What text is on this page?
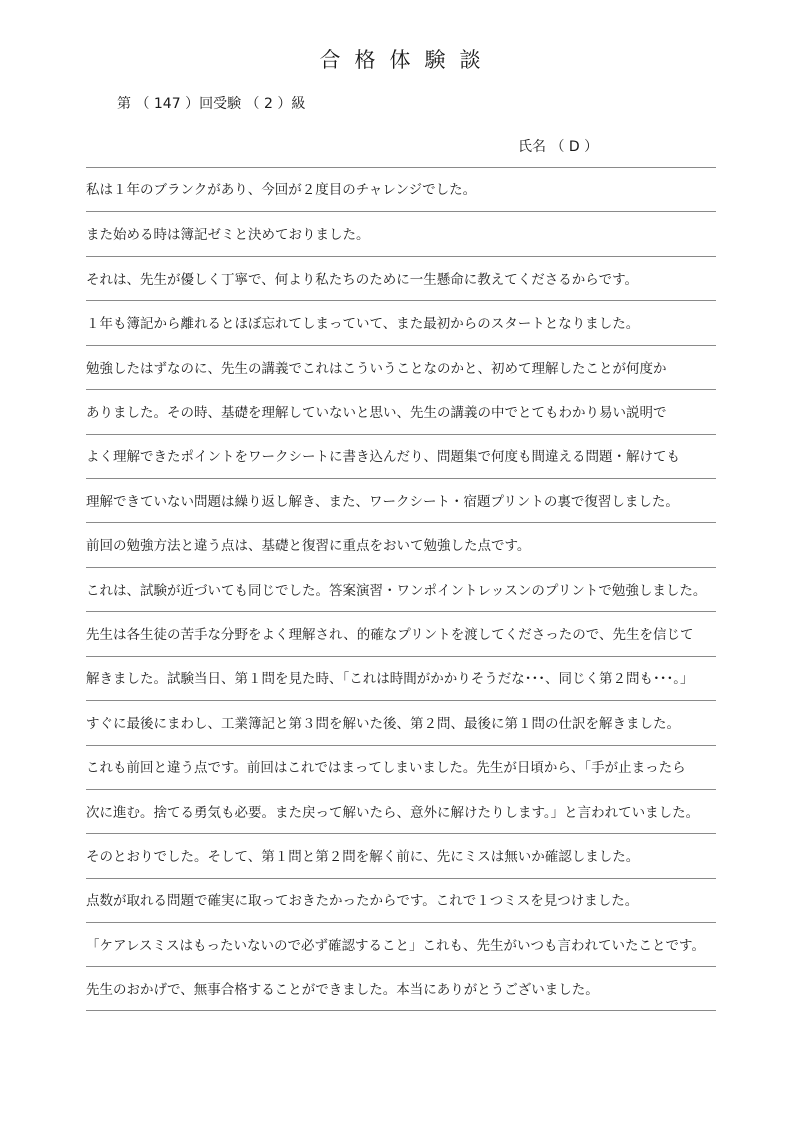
合格体験談
第 （ 147 ）回受験 （ 2 ）級
氏名 （ D ）
私は１年のブランクがあり、今回が２度目のチャレンジでした。
また始める時は簿記ゼミと決めておりました。
それは、先生が優しく丁寧で、何より私たちのために一生懸命に教えてくださるからです。
１年も簿記から離れるとほぼ忘れてしまっていて、また最初からのスタートとなりました。
勉強したはずなのに、先生の講義でこれはこういうことなのかと、初めて理解したことが何度か
ありました。その時、基礎を理解していないと思い、先生の講義の中でとてもわかり易い説明で
よく理解できたポイントをワークシートに書き込んだり、問題集で何度も間違える問題・解けても
理解できていない問題は繰り返し解き、また、ワークシート・宿題プリントの裏で復習しました。
前回の勉強方法と違う点は、基礎と復習に重点をおいて勉強した点です。
これは、試験が近づいても同じでした。答案演習・ワンポイントレッスンのプリントで勉強しました。
先生は各生徒の苦手な分野をよく理解され、的確なプリントを渡してくださったので、先生を信じて
解きました。試験当日、第１問を見た時、「これは時間がかかりそうだな･･･、同じく第２問も･･･。」
すぐに最後にまわし、工業簿記と第３問を解いた後、第２問、最後に第１問の仕訳を解きました。
これも前回と違う点です。前回はこれではまってしまいました。先生が日頃から、「手が止まったら
次に進む。捨てる勇気も必要。また戻って解いたら、意外に解けたりします。」と言われていました。
そのとおりでした。そして、第１問と第２問を解く前に、先にミスは無いか確認しました。
点数が取れる問題で確実に取っておきたかったからです。これで１つミスを見つけました。
「ケアレスミスはもったいないので必ず確認すること」これも、先生がいつも言われていたことです。
先生のおかげで、無事合格することができました。本当にありがとうございました。
